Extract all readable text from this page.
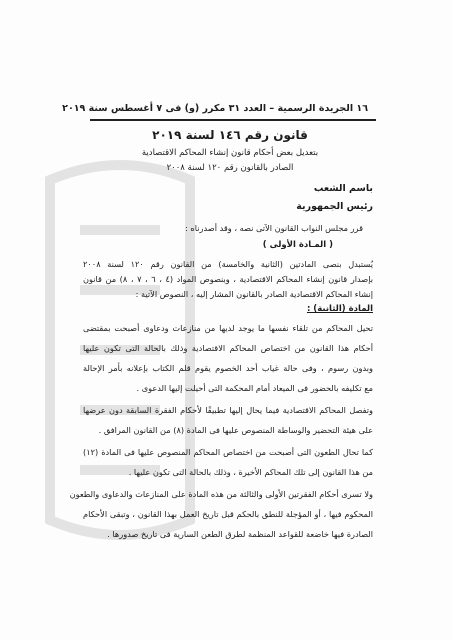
١٦ الجريدة الرسمية – العدد ٣١ مكرر (و) فى ٧ أغسطس سنة ٢٠١٩
قانون رقم ١٤٦ لسنة ٢٠١٩
بتعديل بعض أحكام قانون إنشاء المحاكم الاقتصادية
الصادر بالقانون رقم ١٢٠ لسنة ٢٠٠٨
باسم الشعب
رئيس الجمهورية
قرر مجلس النواب القانون الآتى نصه ، وقد أصدرناه :
( المـادة الأولى )
يُستبدل بنصى المادتين (الثانية والخامسة) من القانون رقم ١٢٠ لسنة ٢٠٠٨
بإصدار قانون إنشاء المحاكم الاقتصادية ، وبنصوص المواد (٤ ، ٦ ، ٧ ، ٨) من قانون
إنشاء المحاكم الاقتصادية الصادر بالقانون المشار إليه ، النصوص الآتية :
المادة (الثانية) :
تحيل المحاكم من تلقاء نفسها ما يوجد لديها من منازعات ودعاوى أصبحت بمقتضى
أحكام هذا القانون من اختصاص المحاكم الاقتصادية وذلك بالحالة التى تكون عليها
وبدون رسوم ، وفى حالة غياب أحد الخصوم يقوم قلم الكتاب بإعلانه بأمر الإحالة
مع تكليفه بالحضور فى الميعاد أمام المحكمة التى أحيلت إليها الدعوى .
وتفصل المحاكم الاقتصادية فيما يحال إليها تطبيقًا لأحكام الفقرة السابقة دون عرضها
على هيئة التحضير والوساطة المنصوص عليها فى المادة (٨) من القانون المرافق .
كما تحال الطعون التى أصبحت من اختصاص المحاكم المنصوص عليها فى المادة (١٢)
من هذا القانون إلى تلك المحاكم الأخيرة ، وذلك بالحالة التى تكون عليها .
ولا تسرى أحكام الفقرتين الأولى والثالثة من هذه المادة على المنازعات والدعاوى والطعون
المحكوم فيها ، أو المؤجلة للنطق بالحكم قبل تاريخ العمل بهذا القانون ، وتبقى الأحكام
الصادرة فيها خاضعة للقواعد المنظمة لطرق الطعن السارية فى تاريخ صدورها .
